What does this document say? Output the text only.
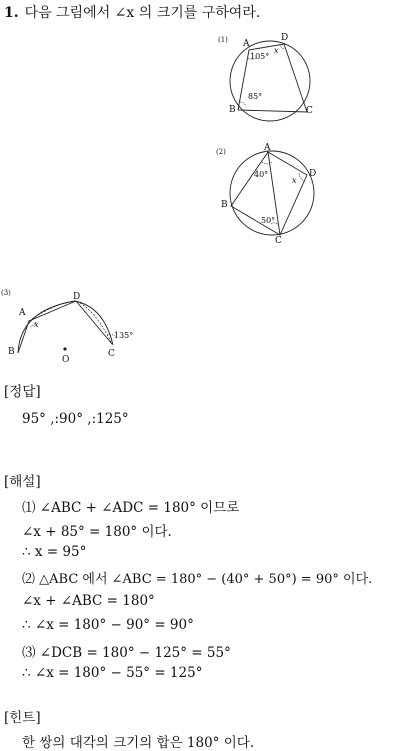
1. 다음 그림에서 ∠x 의 크기를 구하여라.
(1) A
D
B	C
105°
85°
x
(2)	A
D
B
C
40°
50°
x
(3)
A
D
B	C
O
135°
x
[정답]
95° ,:90° ,:125°
[해설]
⑴ ∠ABC + ∠ADC = 180° 이므로
∠x + 85° = 180° 이다.
∴ x = 95°
⑵ △ABC 에서 ∠ABC = 180° − (40° + 50°) = 90° 이다.
∠x + ∠ABC = 180°
∴ ∠x = 180° − 90° = 90°
⑶ ∠DCB = 180° − 125° = 55°
∴ ∠x = 180° − 55° = 125°
[힌트]
한 쌍의 대각의 크기의 합은 180° 이다.
